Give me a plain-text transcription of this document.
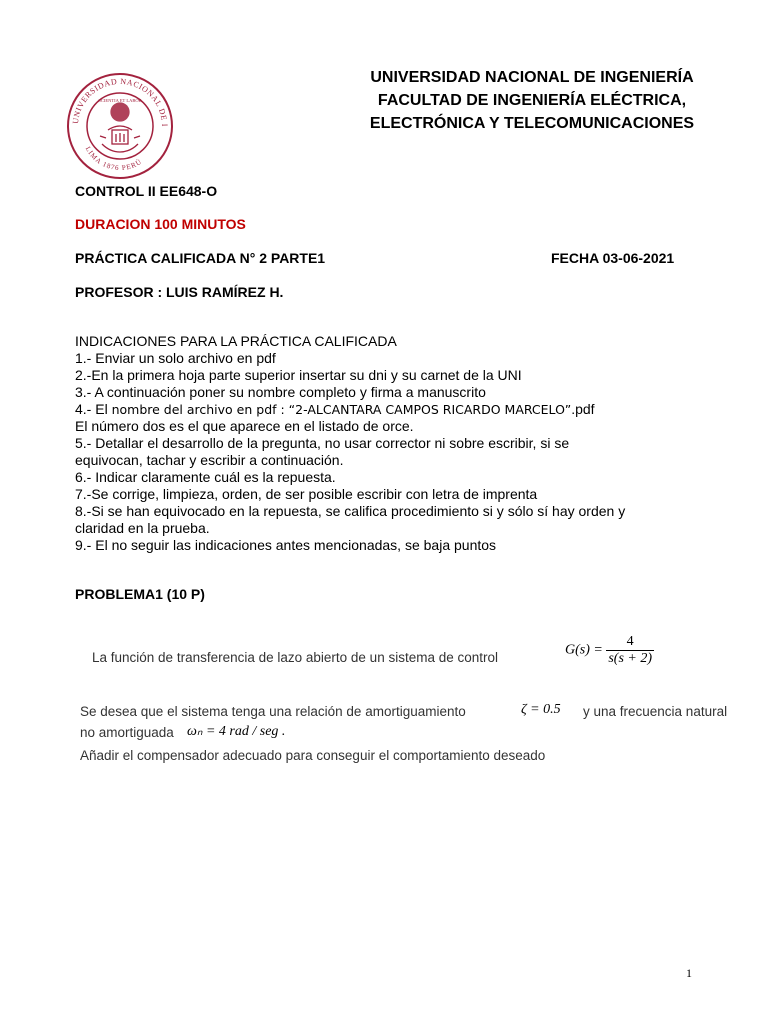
UNIVERSIDAD NACIONAL DE I
LIMA 1876 PERÚ
SCIENTIA ET LABOR
UNIVERSIDAD NACIONAL DE INGENIERÍA
FACULTAD DE INGENIERÍA ELÉCTRICA,
ELECTRÓNICA Y TELECOMUNICACIONES
CONTROL II EE648-O
DURACION 100 MINUTOS
PRÁCTICA CALIFICADA N° 2 PARTE1	FECHA 03-06-2021
PROFESOR : LUIS RAMÍREZ H.
INDICACIONES PARA LA PRÁCTICA CALIFICADA
1.- Enviar un solo archivo en pdf
2.-En la primera hoja parte superior insertar su dni y su carnet de la UNI
3.- A continuación poner su nombre completo y firma a manuscrito
4.- El nombre del archivo en pdf : “2-ALCANTARA CAMPOS RICARDO MARCELO”.pdf
El número dos es el que aparece en el listado de orce.
5.- Detallar el desarrollo de la pregunta, no usar corrector ni sobre escribir, si se
equivocan, tachar y escribir a continuación.
6.- Indicar claramente cuál es la repuesta.
7.-Se corrige, limpieza, orden, de ser posible escribir con letra de imprenta
8.-Si se han equivocado en la repuesta, se califica procedimiento si y sólo sí hay orden y
claridad en la prueba.
9.- El no seguir las indicaciones antes mencionadas, se baja puntos
PROBLEMA1 (10 P)
La función de transferencia de lazo abierto de un sistema de control	$G(s) = \frac{4}{s(s + 2)}$
Se desea que el sistema tenga una relación de amortiguamiento	ζ = 0.5 y una frecuencia natural
no amortiguada ωₙ = 4 rad / seg .
Añadir el compensador adecuado para conseguir el comportamiento deseado
1
